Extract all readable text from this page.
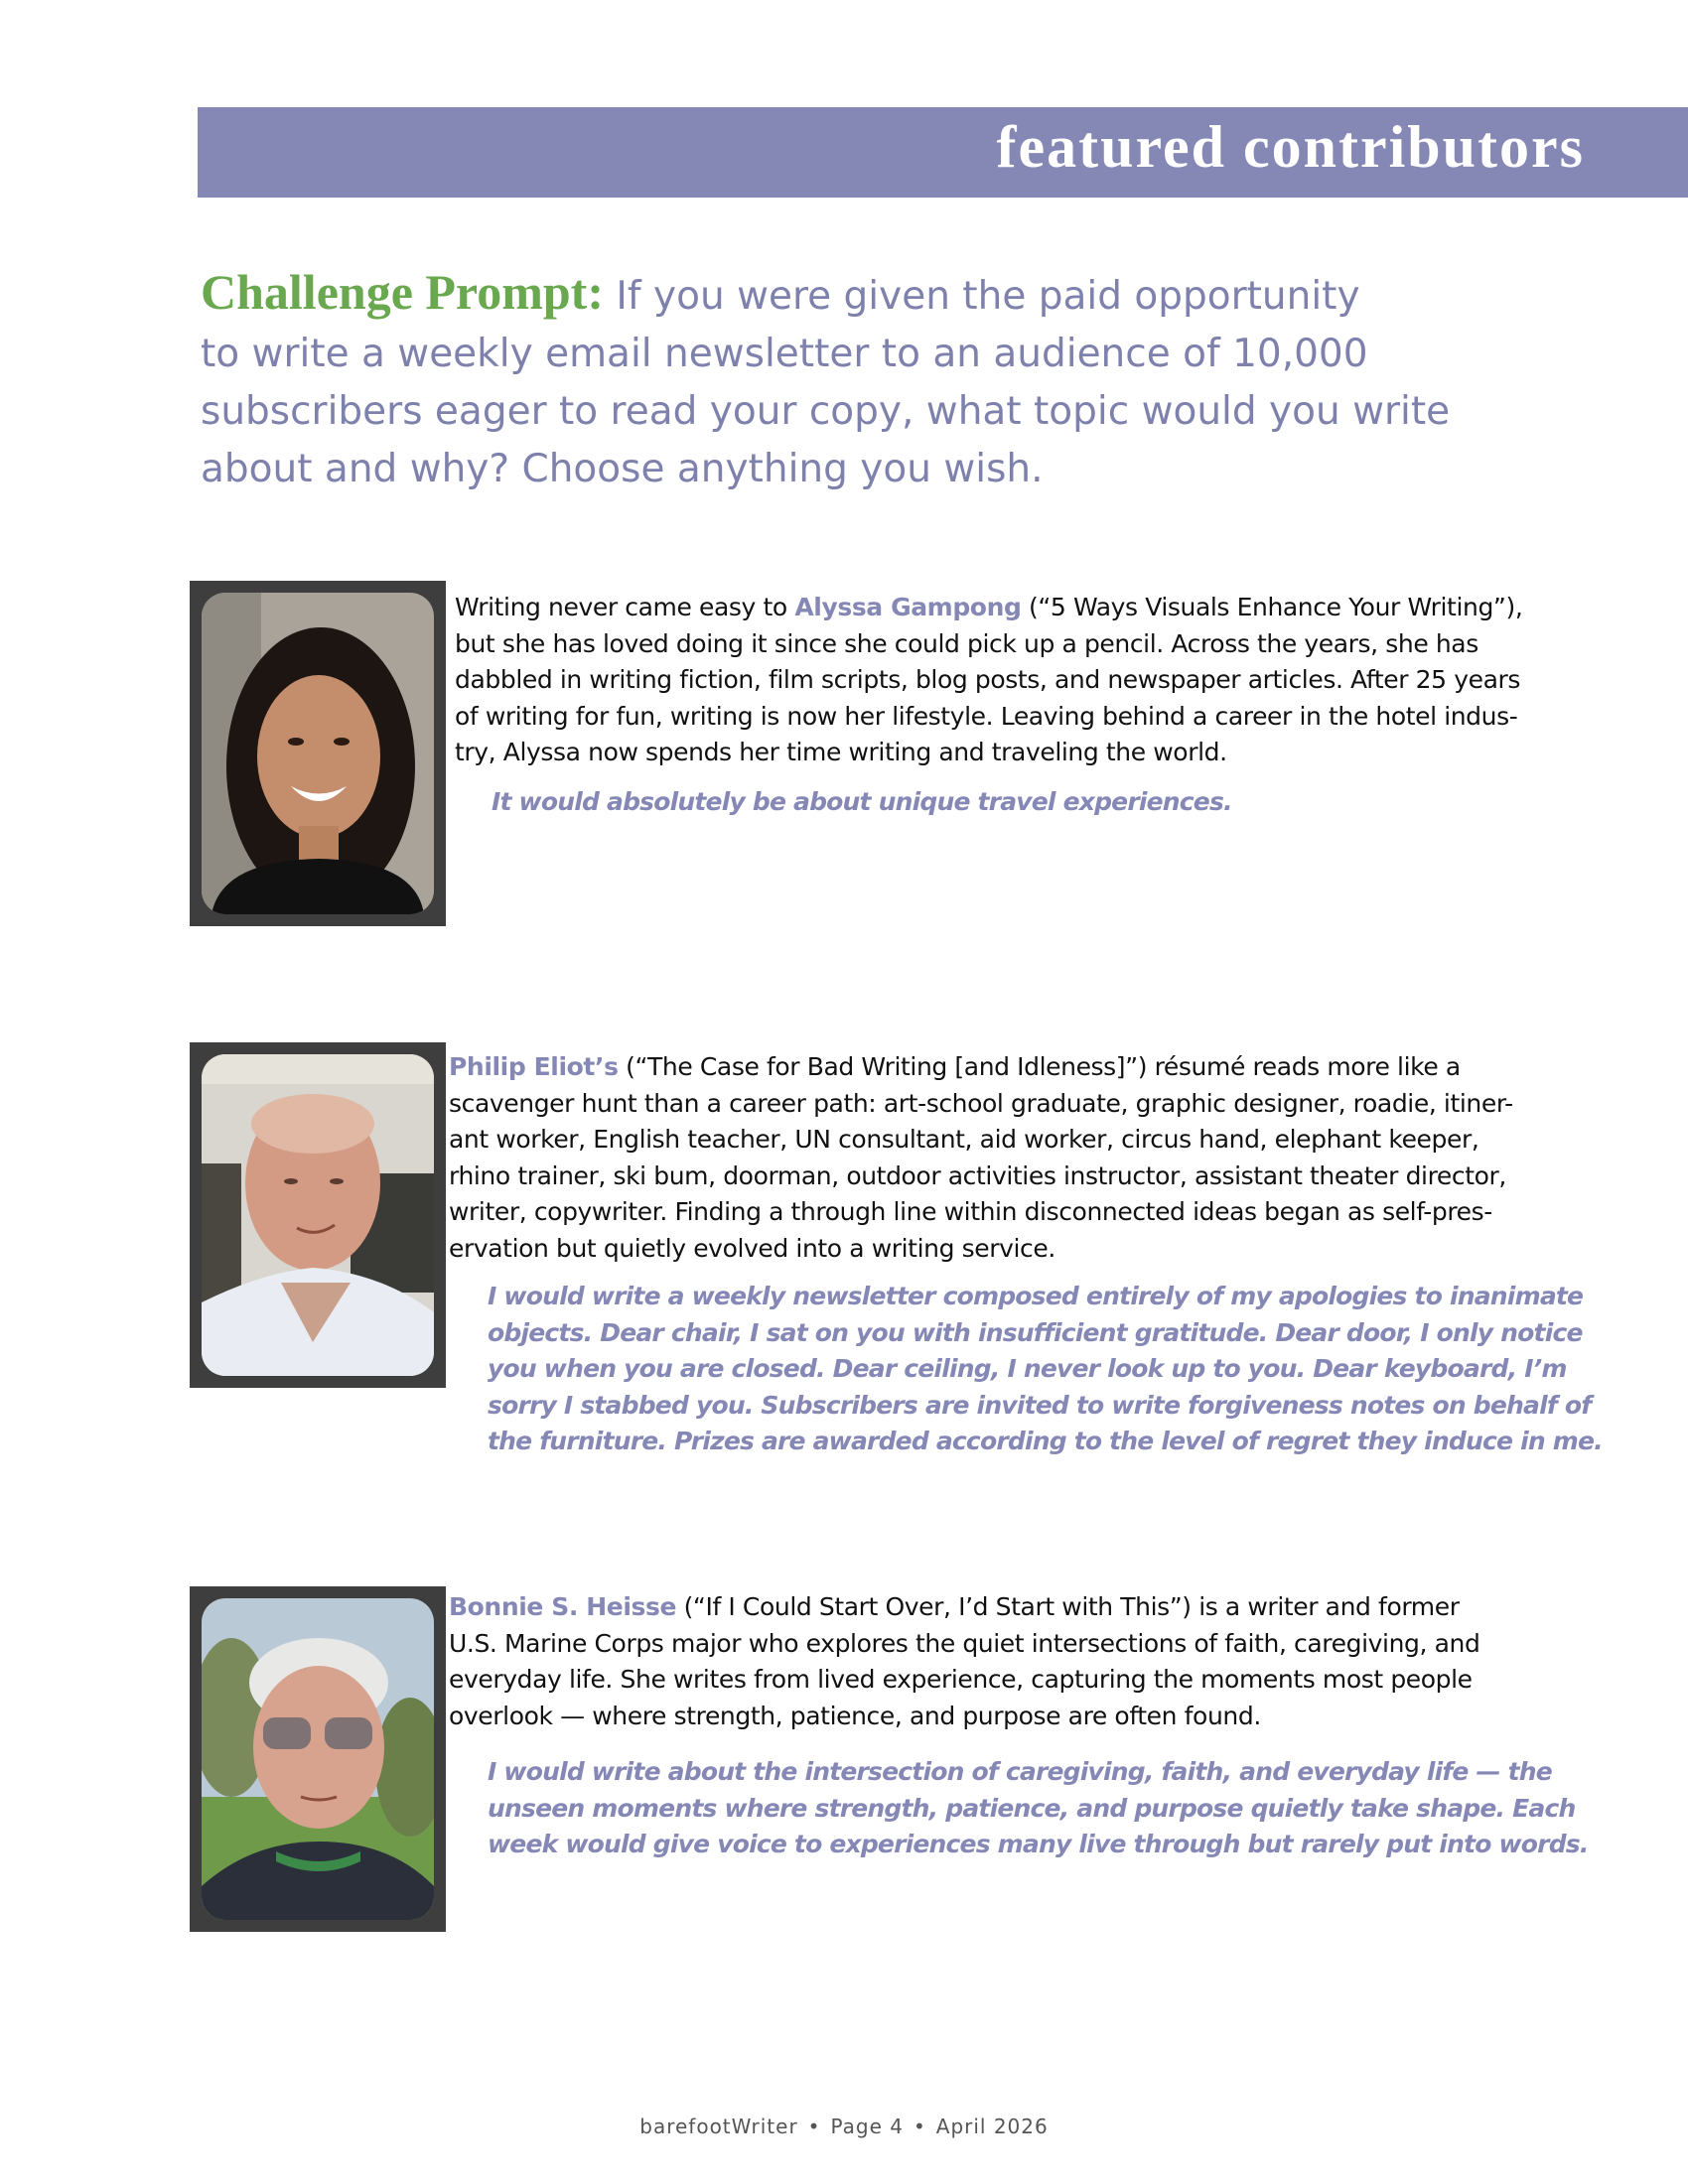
featured contributors
Challenge Prompt: If you were given the paid opportunity
to write a weekly email newsletter to an audience of 10,000
subscribers eager to read your copy, what topic would you write
about and why? Choose anything you wish.
Writing never came easy to Alyssa Gampong (“5 Ways Visuals Enhance Your Writing”),
but she has loved doing it since she could pick up a pencil. Across the years, she has
dabbled in writing fiction, film scripts, blog posts, and newspaper articles. After 25 years
of writing for fun, writing is now her lifestyle. Leaving behind a career in the hotel indus-
try, Alyssa now spends her time writing and traveling the world.
It would absolutely be about unique travel experiences.
Philip Eliot’s (“The Case for Bad Writing [and Idleness]”) résumé reads more like a
scavenger hunt than a career path: art-school graduate, graphic designer, roadie, itiner-
ant worker, English teacher, UN consultant, aid worker, circus hand, elephant keeper,
rhino trainer, ski bum, doorman, outdoor activities instructor, assistant theater director,
writer, copywriter. Finding a through line within disconnected ideas began as self-pres-
ervation but quietly evolved into a writing service.
I would write a weekly newsletter composed entirely of my apologies to inanimate
objects. Dear chair, I sat on you with insufficient gratitude. Dear door, I only notice
you when you are closed. Dear ceiling, I never look up to you. Dear keyboard, I’m
sorry I stabbed you. Subscribers are invited to write forgiveness notes on behalf of
the furniture. Prizes are awarded according to the level of regret they induce in me.
Bonnie S. Heisse (“If I Could Start Over, I’d Start with This”) is a writer and former
U.S. Marine Corps major who explores the quiet intersections of faith, caregiving, and
everyday life. She writes from lived experience, capturing the moments most people
overlook — where strength, patience, and purpose are often found.
I would write about the intersection of caregiving, faith, and everyday life — the
unseen moments where strength, patience, and purpose quietly take shape. Each
week would give voice to experiences many live through but rarely put into words.
barefootWriter • Page 4 • April 2026
